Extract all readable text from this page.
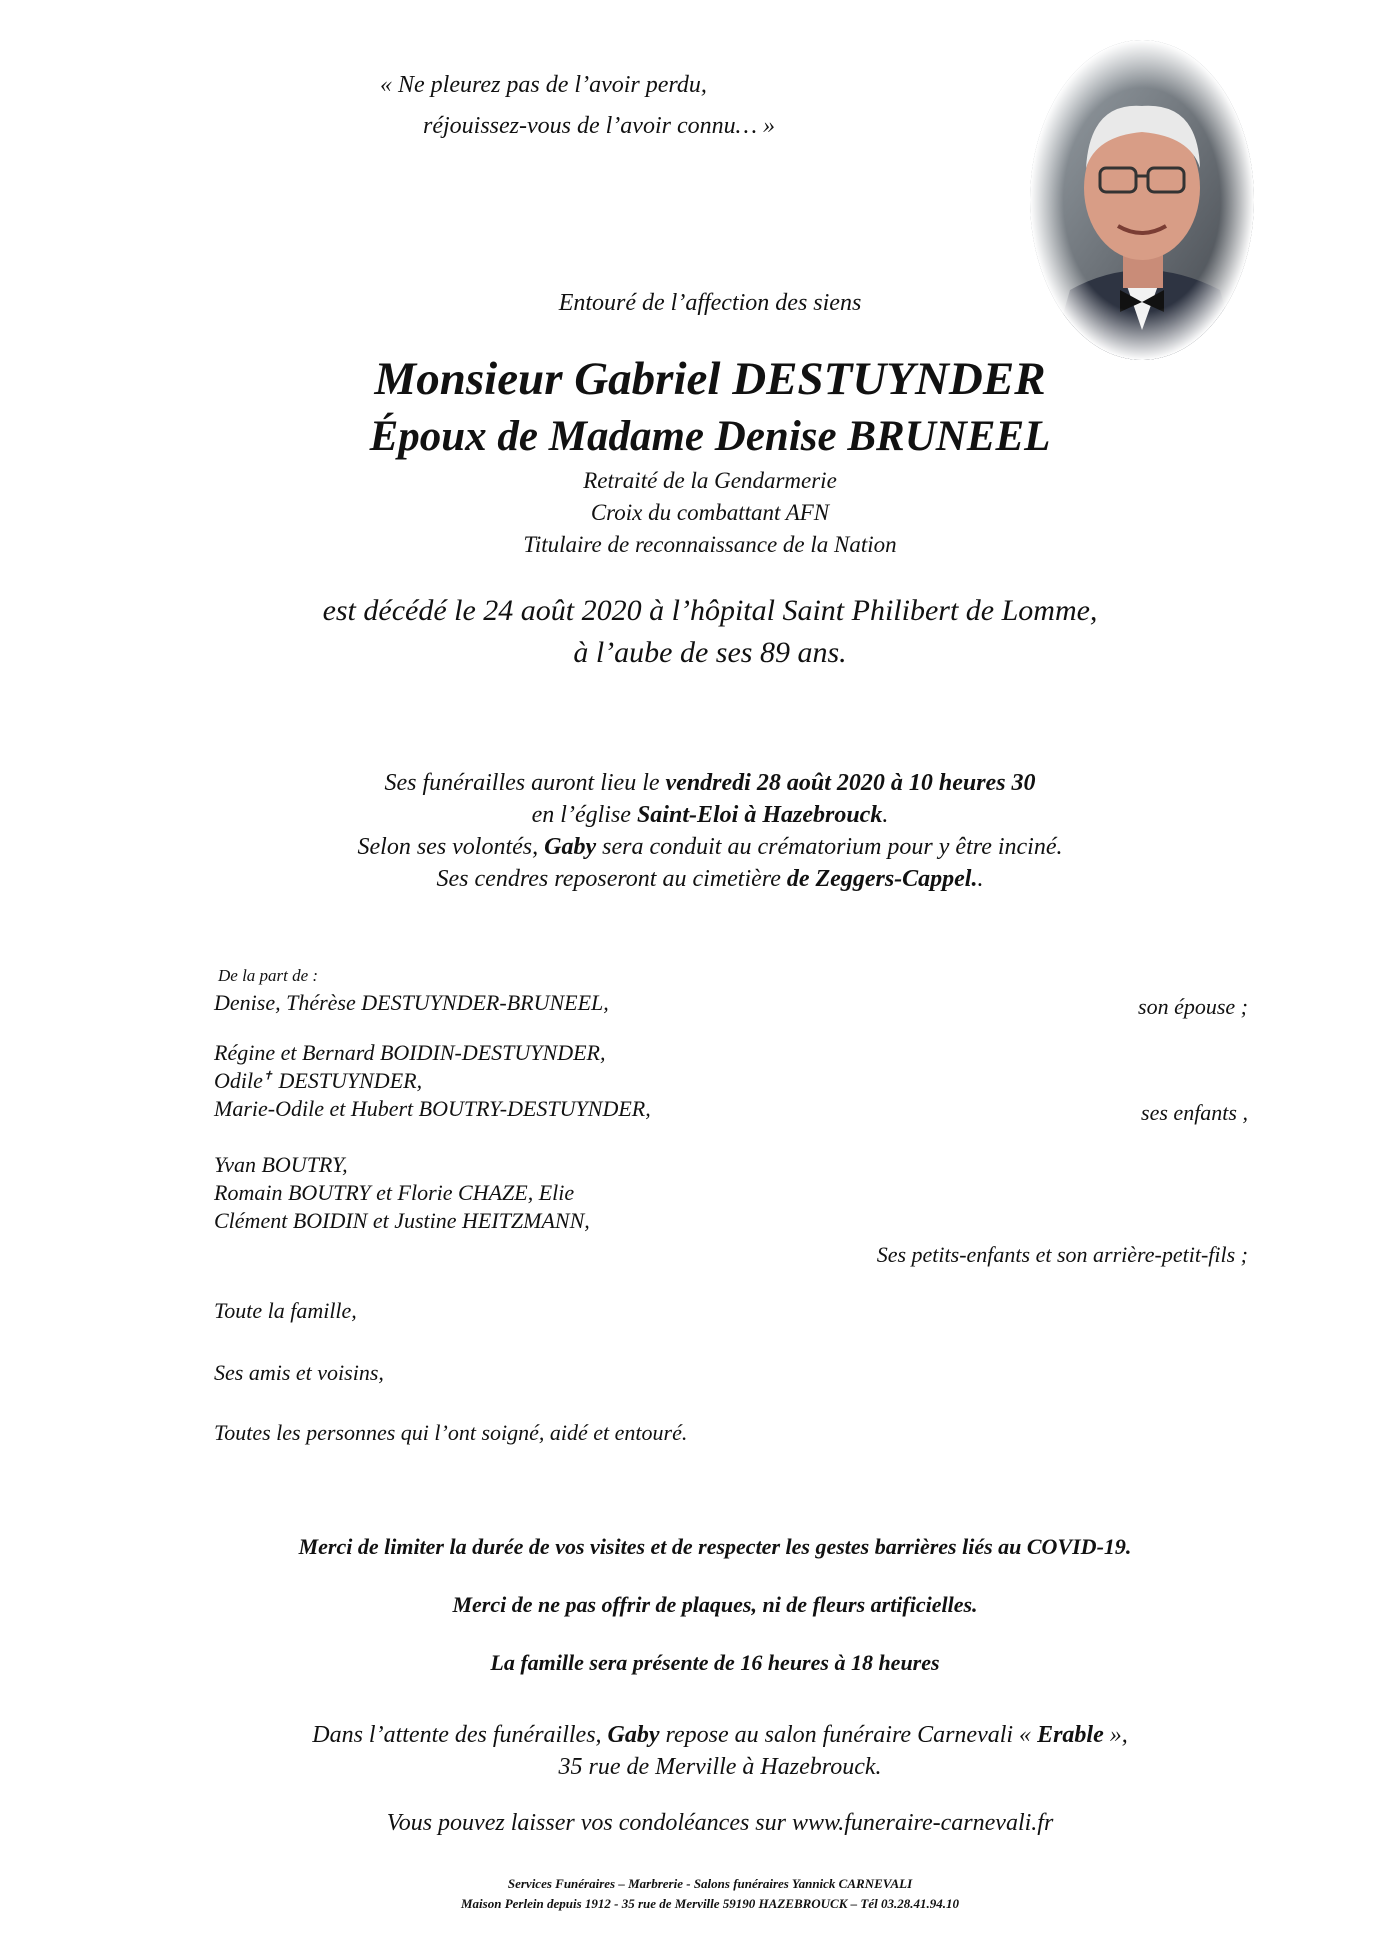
« Ne pleurez pas de l’avoir perdu,
réjouissez-vous de l’avoir connu… »
Entouré de l’affection des siens
Monsieur Gabriel DESTUYNDER
Époux de Madame Denise BRUNEEL
Retraité de la Gendarmerie
Croix du combattant AFN
Titulaire de reconnaissance de la Nation
est décédé le 24 août 2020 à l’hôpital Saint Philibert de Lomme,
à l’aube de ses 89 ans.
Ses funérailles auront lieu le vendredi 28 août 2020 à 10 heures 30
en l’église Saint-Eloi à Hazebrouck.
Selon ses volontés, Gaby sera conduit au crématorium pour y être inciné.
Ses cendres reposeront au cimetière de Zeggers-Cappel..
De la part de :
Denise, Thérèse DESTUYNDER-BRUNEEL,	son épouse ;
Régine et Bernard BOIDIN-DESTUYNDER,
Odile✝ DESTUYNDER,
Marie-Odile et Hubert BOUTRY-DESTUYNDER,	ses enfants ,
Yvan BOUTRY,
Romain BOUTRY et Florie CHAZE, Elie
Clément BOIDIN et Justine HEITZMANN,
Ses petits-enfants et son arrière-petit-fils ;
Toute la famille,
Ses amis et voisins,
Toutes les personnes qui l’ont soigné, aidé et entouré.
Merci de limiter la durée de vos visites et de respecter les gestes barrières liés au COVID-19.
Merci de ne pas offrir de plaques, ni de fleurs artificielles.
La famille sera présente de 16 heures à 18 heures
Dans l’attente des funérailles, Gaby repose au salon funéraire Carnevali « Erable »,
35 rue de Merville à Hazebrouck.
Vous pouvez laisser vos condoléances sur www.funeraire-carnevali.fr
Services Funéraires – Marbrerie - Salons funéraires Yannick CARNEVALI
Maison Perlein depuis 1912 - 35 rue de Merville 59190 HAZEBROUCK – Tél 03.28.41.94.10
